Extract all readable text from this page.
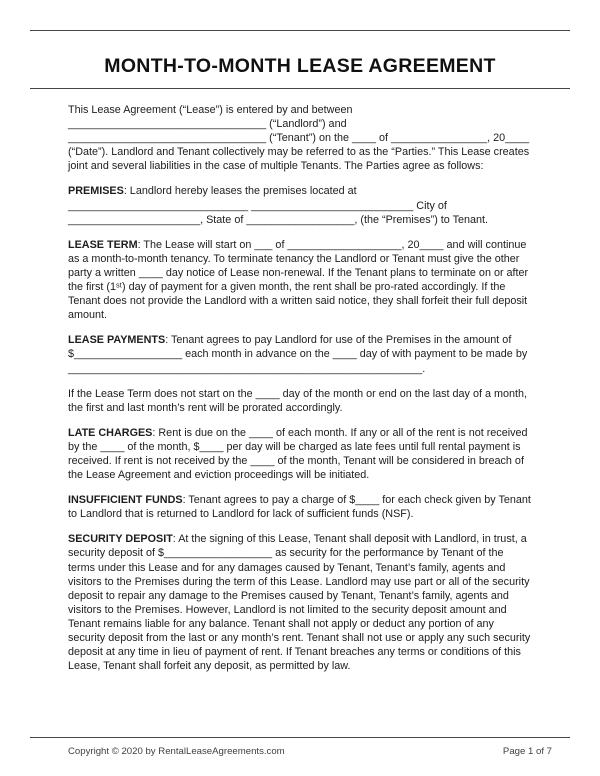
MONTH-TO-MONTH LEASE AGREEMENT

This Lease Agreement (“Lease”) is entered by and between _________________________________ (“Landlord”) and _________________________________ (“Tenant”) on the ____ of ________________, 20____ (“Date”). Landlord and Tenant collectively may be referred to as the “Parties.” This Lease creates joint and several liabilities in the case of multiple Tenants. The Parties agree as follows:

PREMISES: Landlord hereby leases the premises located at ______________________________ ___________________________ City of ______________________, State of __________________, (the “Premises”) to Tenant.

LEASE TERM: The Lease will start on ___ of ___________________, 20____ and will continue as a month-to-month tenancy. To terminate tenancy the Landlord or Tenant must give the other party a written ____ day notice of Lease non-renewal. If the Tenant plans to terminate on or after the first (1ˢᵗ) day of payment for a given month, the rent shall be pro-rated accordingly. If the Tenant does not provide the Landlord with a written said notice, they shall forfeit their full deposit amount.

LEASE PAYMENTS: Tenant agrees to pay Landlord for use of the Premises in the amount of $__________________ each month in advance on the ____ day of with payment to be made by ___________________________________________________________.

If the Lease Term does not start on the ____ day of the month or end on the last day of a month, the first and last month’s rent will be prorated accordingly.

LATE CHARGES: Rent is due on the ____ of each month. If any or all of the rent is not received by the ____ of the month, $____ per day will be charged as late fees until full rental payment is received. If rent is not received by the ____ of the month, Tenant will be considered in breach of the Lease Agreement and eviction proceedings will be initiated.

INSUFFICIENT FUNDS: Tenant agrees to pay a charge of $____ for each check given by Tenant to Landlord that is returned to Landlord for lack of sufficient funds (NSF).

SECURITY DEPOSIT: At the signing of this Lease, Tenant shall deposit with Landlord, in trust, a security deposit of $__________________ as security for the performance by Tenant of the terms under this Lease and for any damages caused by Tenant, Tenant’s family, agents and visitors to the Premises during the term of this Lease. Landlord may use part or all of the security deposit to repair any damage to the Premises caused by Tenant, Tenant’s family, agents and visitors to the Premises. However, Landlord is not limited to the security deposit amount and Tenant remains liable for any balance. Tenant shall not apply or deduct any portion of any security deposit from the last or any month’s rent. Tenant shall not use or apply any such security deposit at any time in lieu of payment of rent. If Tenant breaches any terms or conditions of this Lease, Tenant shall forfeit any deposit, as permitted by law.

Copyright © 2020 by RentalLeaseAgreements.com	Page 1 of 7
